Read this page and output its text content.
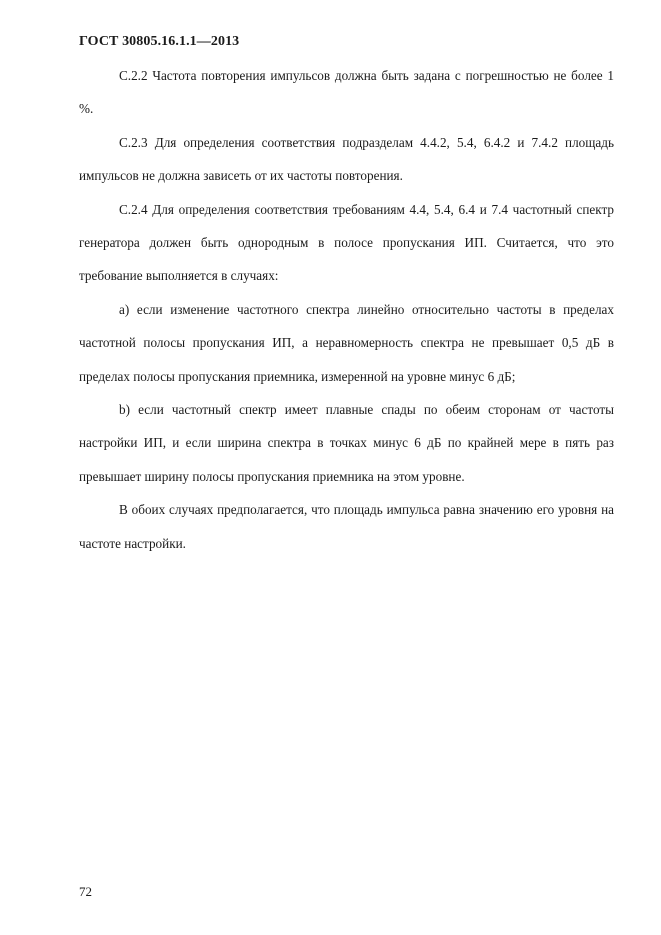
ГОСТ 30805.16.1.1—2013

С.2.2 Частота повторения импульсов должна быть задана с погрешностью не более 1 %.

С.2.3 Для определения соответствия подразделам 4.4.2, 5.4, 6.4.2 и 7.4.2 площадь импульсов не должна зависеть от их частоты повторения.

С.2.4 Для определения соответствия требованиям 4.4, 5.4, 6.4 и 7.4 частотный спектр генератора должен быть однородным в полосе пропускания ИП. Считается, что это требование выполняется в случаях:

а) если изменение частотного спектра линейно относительно частоты в пределах частотной полосы пропускания ИП, а неравномерность спектра не превышает 0,5 дБ в пределах полосы пропускания приемника, измеренной на уровне минус 6 дБ;

b) если частотный спектр имеет плавные спады по обеим сторонам от частоты настройки ИП, и если ширина спектра в точках минус 6 дБ по крайней мере в пять раз превышает ширину полосы пропускания приемника на этом уровне.

В обоих случаях предполагается, что площадь импульса равна значению его уровня на частоте настройки.

72
